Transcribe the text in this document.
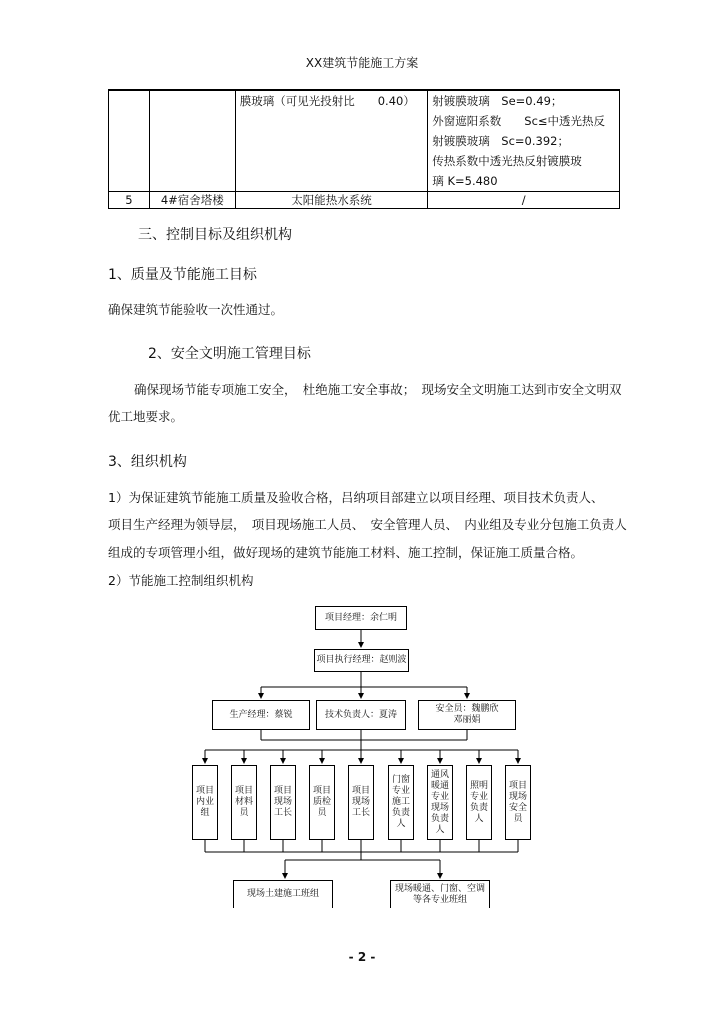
XX建筑节能施工方案
		膜玻璃（可见光投射比　　0.40）	射镀膜玻璃　Se=0.49；
外窗遮阳系数　　Sc≤中透光热反
射镀膜玻璃　Sc=0.392；
传热系数中透光热反射镀膜玻
璃 K=5.480

5	4#宿舍塔楼	太阳能热水系统	/
三、控制目标及组织机构
1、质量及节能施工目标
确保建筑节能验收一次性通过。
2、安全文明施工管理目标
确保现场节能专项施工安全，　杜绝施工安全事故；　现场安全文明施工达到市安全文明双
优工地要求。
3、组织机构
1）为保证建筑节能施工质量及验收合格，吕纳项目部建立以项目经理、项目技术负责人、
项目生产经理为领导层，　项目现场施工人员、　安全管理人员、　内业组及专业分包施工负责人
组成的专项管理小组，做好现场的建筑节能施工材料、施工控制，保证施工质量合格。
2）节能施工控制组织机构
项目经理：余仁明
项目执行经理：赵则波
生产经理：蔡锐	技术负责人：夏涛
安全员：魏鹏欣
邓丽娟
项目
内业
组
项目
材料
员
项目
现场
工长
项目
质检
员
项目
现场
工长
门窗
专业
施工
负责
人
通风
暖通
专业
现场
负责
人
照明
专业
负责
人
项目
现场
安全
员
现场土建施工班组
现场暖通、门窗、空调
等各专业班组
- 2 -
